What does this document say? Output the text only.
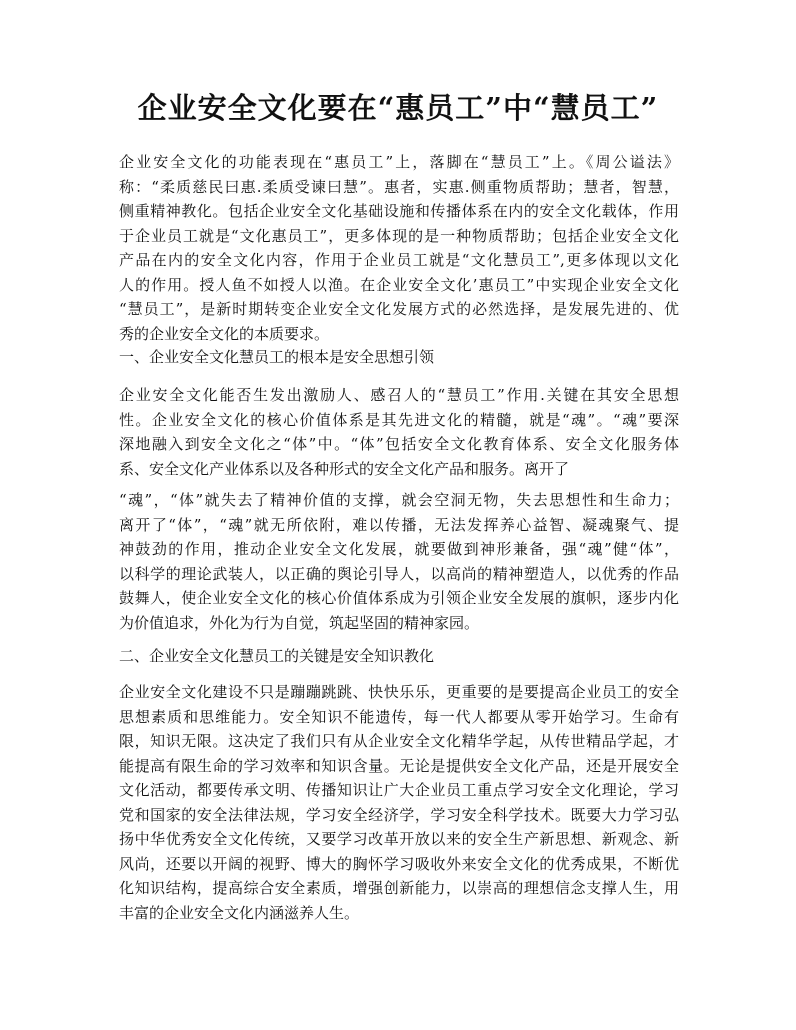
企业安全文化要在“惠员工”中“慧员工”
企业安全文化的功能表现在“惠员工”上，落脚在“慧员工”上。《周公谥法》
称：“柔质慈民曰惠.柔质受谏曰慧”。惠者，实惠.侧重物质帮助；慧者，智慧，
侧重精神教化。包括企业安全文化基础设施和传播体系在内的安全文化载体，作用
于企业员工就是“文化惠员工”，更多体现的是一种物质帮助；包括企业安全文化
产品在内的安全文化内容，作用于企业员工就是“文化慧员工”,更多体现以文化
人的作用。授人鱼不如授人以渔。在企业安全文化’惠员工”中实现企业安全文化
“慧员工”，是新时期转变企业安全文化发展方式的必然选择，是发展先进的、优
秀的企业安全文化的本质要求。
一、企业安全文化慧员工的根本是安全思想引领
企业安全文化能否生发出激励人、感召人的“慧员工”作用.关键在其安全思想
性。企业安全文化的核心价值体系是其先进文化的精髓，就是“魂”。“魂”要深
深地融入到安全文化之“体”中。“体”包括安全文化教育体系、安全文化服务体
系、安全文化产业体系以及各种形式的安全文化产品和服务。离开了
“魂”，“体”就失去了精神价值的支撑，就会空洞无物，失去思想性和生命力；
离开了“体”，“魂”就无所依附，难以传播，无法发挥养心益智、凝魂聚气、提
神鼓劲的作用，推动企业安全文化发展，就要做到神形兼备，强“魂”健“体”，
以科学的理论武装人，以正确的舆论引导人，以高尚的精神塑造人，以优秀的作品
鼓舞人，使企业安全文化的核心价值体系成为引领企业安全发展的旗帜，逐步内化
为价值追求，外化为行为自觉，筑起坚固的精神家园。
二、企业安全文化慧员工的关键是安全知识教化
企业安全文化建设不只是蹦蹦跳跳、快快乐乐，更重要的是要提高企业员工的安全
思想素质和思维能力。安全知识不能遗传，每一代人都要从零开始学习。生命有
限，知识无限。这决定了我们只有从企业安全文化精华学起，从传世精品学起，才
能提高有限生命的学习效率和知识含量。无论是提供安全文化产品，还是开展安全
文化活动，都要传承文明、传播知识让广大企业员工重点学习安全文化理论，学习
党和国家的安全法律法规，学习安全经济学，学习安全科学技术。既要大力学习弘
扬中华优秀安全文化传统，又要学习改革开放以来的安全生产新思想、新观念、新
风尚，还要以开阔的视野、博大的胸怀学习吸收外来安全文化的优秀成果，不断优
化知识结构，提高综合安全素质，增强创新能力，以崇高的理想信念支撑人生，用
丰富的企业安全文化内涵滋养人生。
